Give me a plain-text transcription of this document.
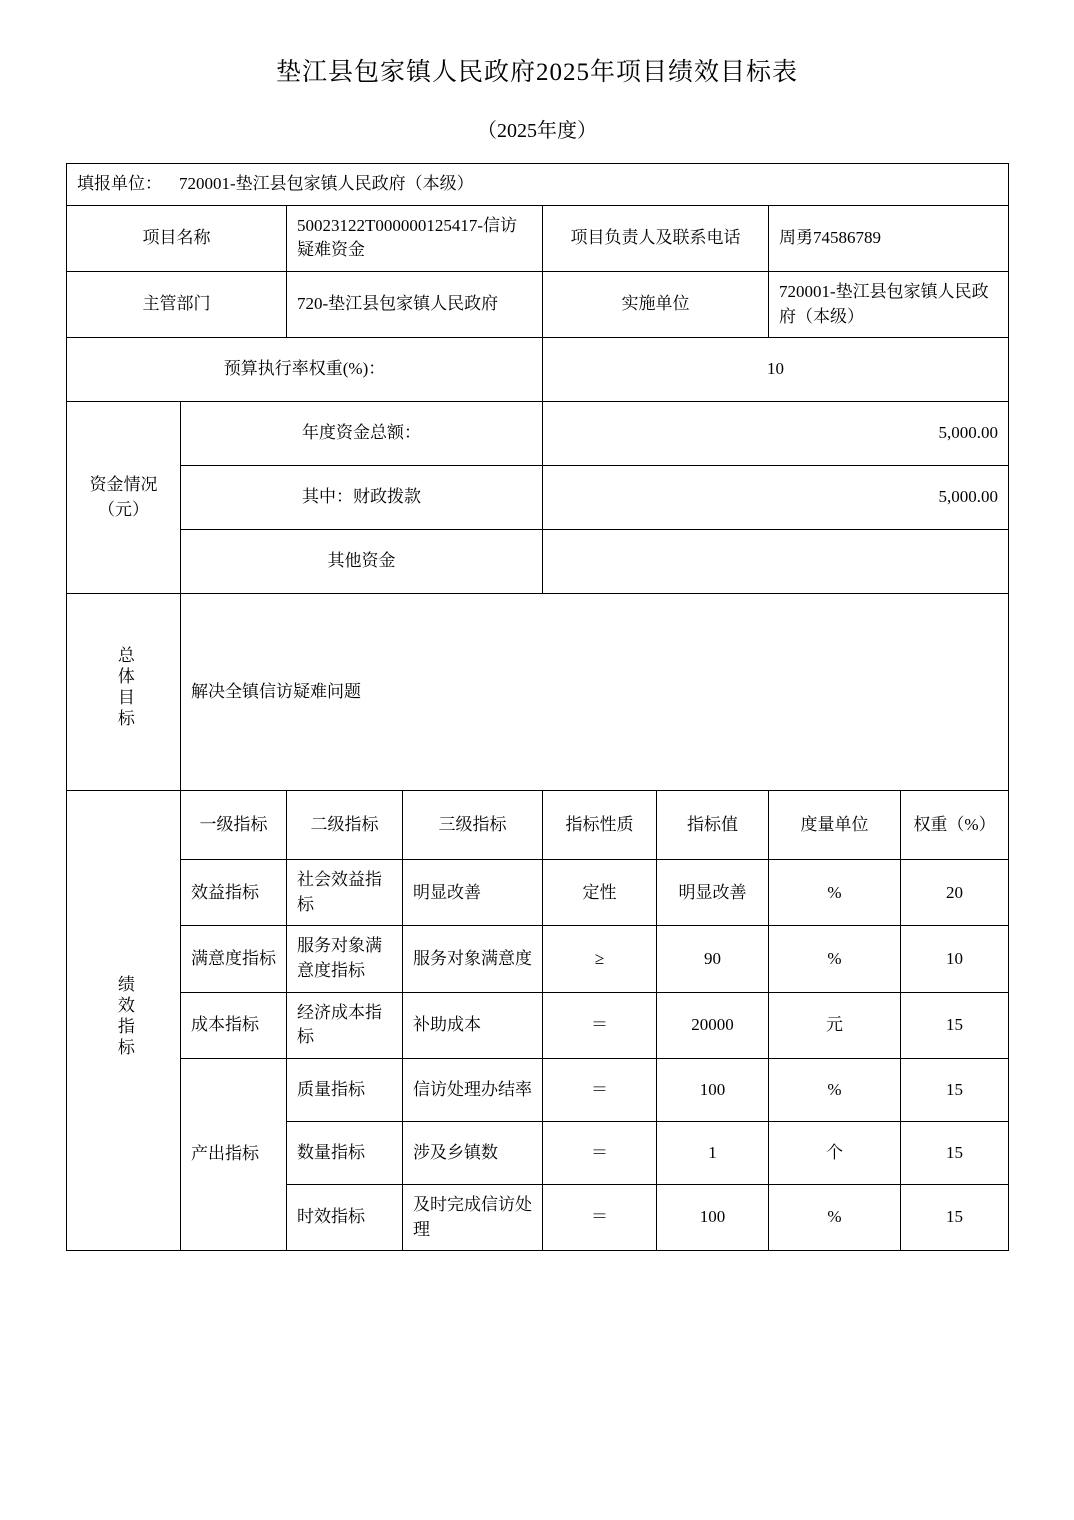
垫江县包家镇人民政府2025年项目绩效目标表
（2025年度）
填报单位： 720001-垫江县包家镇人民政府（本级）							
项目名称		50023122T000000125417-信访疑难资金		项目负责人及联系电话		周勇74586789	
主管部门		720-垫江县包家镇人民政府		实施单位		720001-垫江县包家镇人民政府（本级）	
预算执行率权重(%)：				10			

资金情况
（元）	年度资金总额：			5,000.00			
	其中：财政拨款			5,000.00			
	其他资金						
总体目标	解决全镇信访疑难问题						
绩效指标	一级指标	二级指标	三级指标	指标性质	指标值	度量单位	权重（%）
	效益指标	社会效益指标	明显改善	定性	明显改善	%	20
	满意度指标	服务对象满意度指标	服务对象满意度	≥	90	%	10
	成本指标	经济成本指标	补助成本	＝	20000	元	15
	产出指标	质量指标	信访处理办结率	＝	100	%	15
		数量指标	涉及乡镇数	＝	1	个	15
		时效指标	及时完成信访处理	＝	100	%	15
